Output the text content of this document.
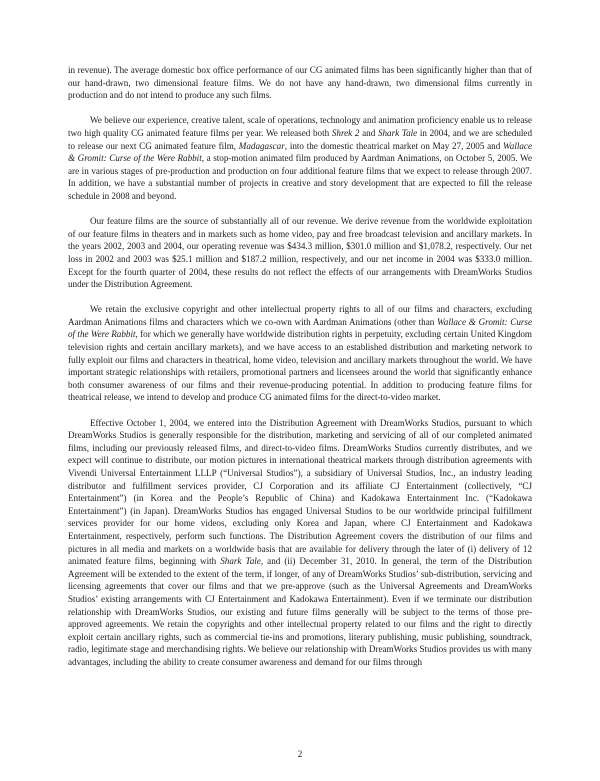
in revenue). The average domestic box office performance of our CG animated films has been significantly higher than that of our hand-drawn, two dimensional feature films. We do not have any hand-drawn, two dimensional films currently in production and do not intend to produce any such films.

We believe our experience, creative talent, scale of operations, technology and animation proficiency enable us to release two high quality CG animated feature films per year. We released both Shrek 2 and Shark Tale in 2004, and we are scheduled to release our next CG animated feature film, Madagascar, into the domestic theatrical market on May 27, 2005 and Wallace & Gromit: Curse of the Were Rabbit, a stop-motion animated film produced by Aardman Animations, on October 5, 2005. We are in various stages of pre-production and production on four additional feature films that we expect to release through 2007. In addition, we have a substantial number of projects in creative and story development that are expected to fill the release schedule in 2008 and beyond.

Our feature films are the source of substantially all of our revenue. We derive revenue from the worldwide exploitation of our feature films in theaters and in markets such as home video, pay and free broadcast television and ancillary markets. In the years 2002, 2003 and 2004, our operating revenue was $434.3 million, $301.0 million and $1,078.2, respectively. Our net loss in 2002 and 2003 was $25.1 million and $187.2 million, respectively, and our net income in 2004 was $333.0 million. Except for the fourth quarter of 2004, these results do not reflect the effects of our arrangements with DreamWorks Studios under the Distribution Agreement.

We retain the exclusive copyright and other intellectual property rights to all of our films and characters, excluding Aardman Animations films and characters which we co-own with Aardman Animations (other than Wallace & Gromit: Curse of the Were Rabbit, for which we generally have worldwide distribution rights in perpetuity, excluding certain United Kingdom television rights and certain ancillary markets), and we have access to an established distribution and marketing network to fully exploit our films and characters in theatrical, home video, television and ancillary markets throughout the world. We have important strategic relationships with retailers, promotional partners and licensees around the world that significantly enhance both consumer awareness of our films and their revenue-producing potential. In addition to producing feature films for theatrical release, we intend to develop and produce CG animated films for the direct-to-video market.

Effective October 1, 2004, we entered into the Distribution Agreement with DreamWorks Studios, pursuant to which DreamWorks Studios is generally responsible for the distribution, marketing and servicing of all of our completed animated films, including our previously released films, and direct-to-video films. DreamWorks Studios currently distributes, and we expect will continue to distribute, our motion pictures in international theatrical markets through distribution agreements with Vivendi Universal Entertainment LLLP (“Universal Studios”), a subsidiary of Universal Studios, Inc., an industry leading distributor and fulfillment services provider, CJ Corporation and its affiliate CJ Entertainment (collectively, “CJ Entertainment”) (in Korea and the People’s Republic of China) and Kadokawa Entertainment Inc. (“Kadokawa Entertainment”) (in Japan). DreamWorks Studios has engaged Universal Studios to be our worldwide principal fulfillment services provider for our home videos, excluding only Korea and Japan, where CJ Entertainment and Kadokawa Entertainment, respectively, perform such functions. The Distribution Agreement covers the distribution of our films and pictures in all media and markets on a worldwide basis that are available for delivery through the later of (i) delivery of 12 animated feature films, beginning with Shark Tale, and (ii) December 31, 2010. In general, the term of the Distribution Agreement will be extended to the extent of the term, if longer, of any of DreamWorks Studios’ sub-distribution, servicing and licensing agreements that cover our films and that we pre-approve (such as the Universal Agreements and DreamWorks Studios’ existing arrangements with CJ Entertainment and Kadokawa Entertainment). Even if we terminate our distribution relationship with DreamWorks Studios, our existing and future films generally will be subject to the terms of those pre-approved agreements. We retain the copyrights and other intellectual property related to our films and the right to directly exploit certain ancillary rights, such as commercial tie-ins and promotions, literary publishing, music publishing, soundtrack, radio, legitimate stage and merchandising rights. We believe our relationship with DreamWorks Studios provides us with many advantages, including the ability to create consumer awareness and demand for our films through

2
